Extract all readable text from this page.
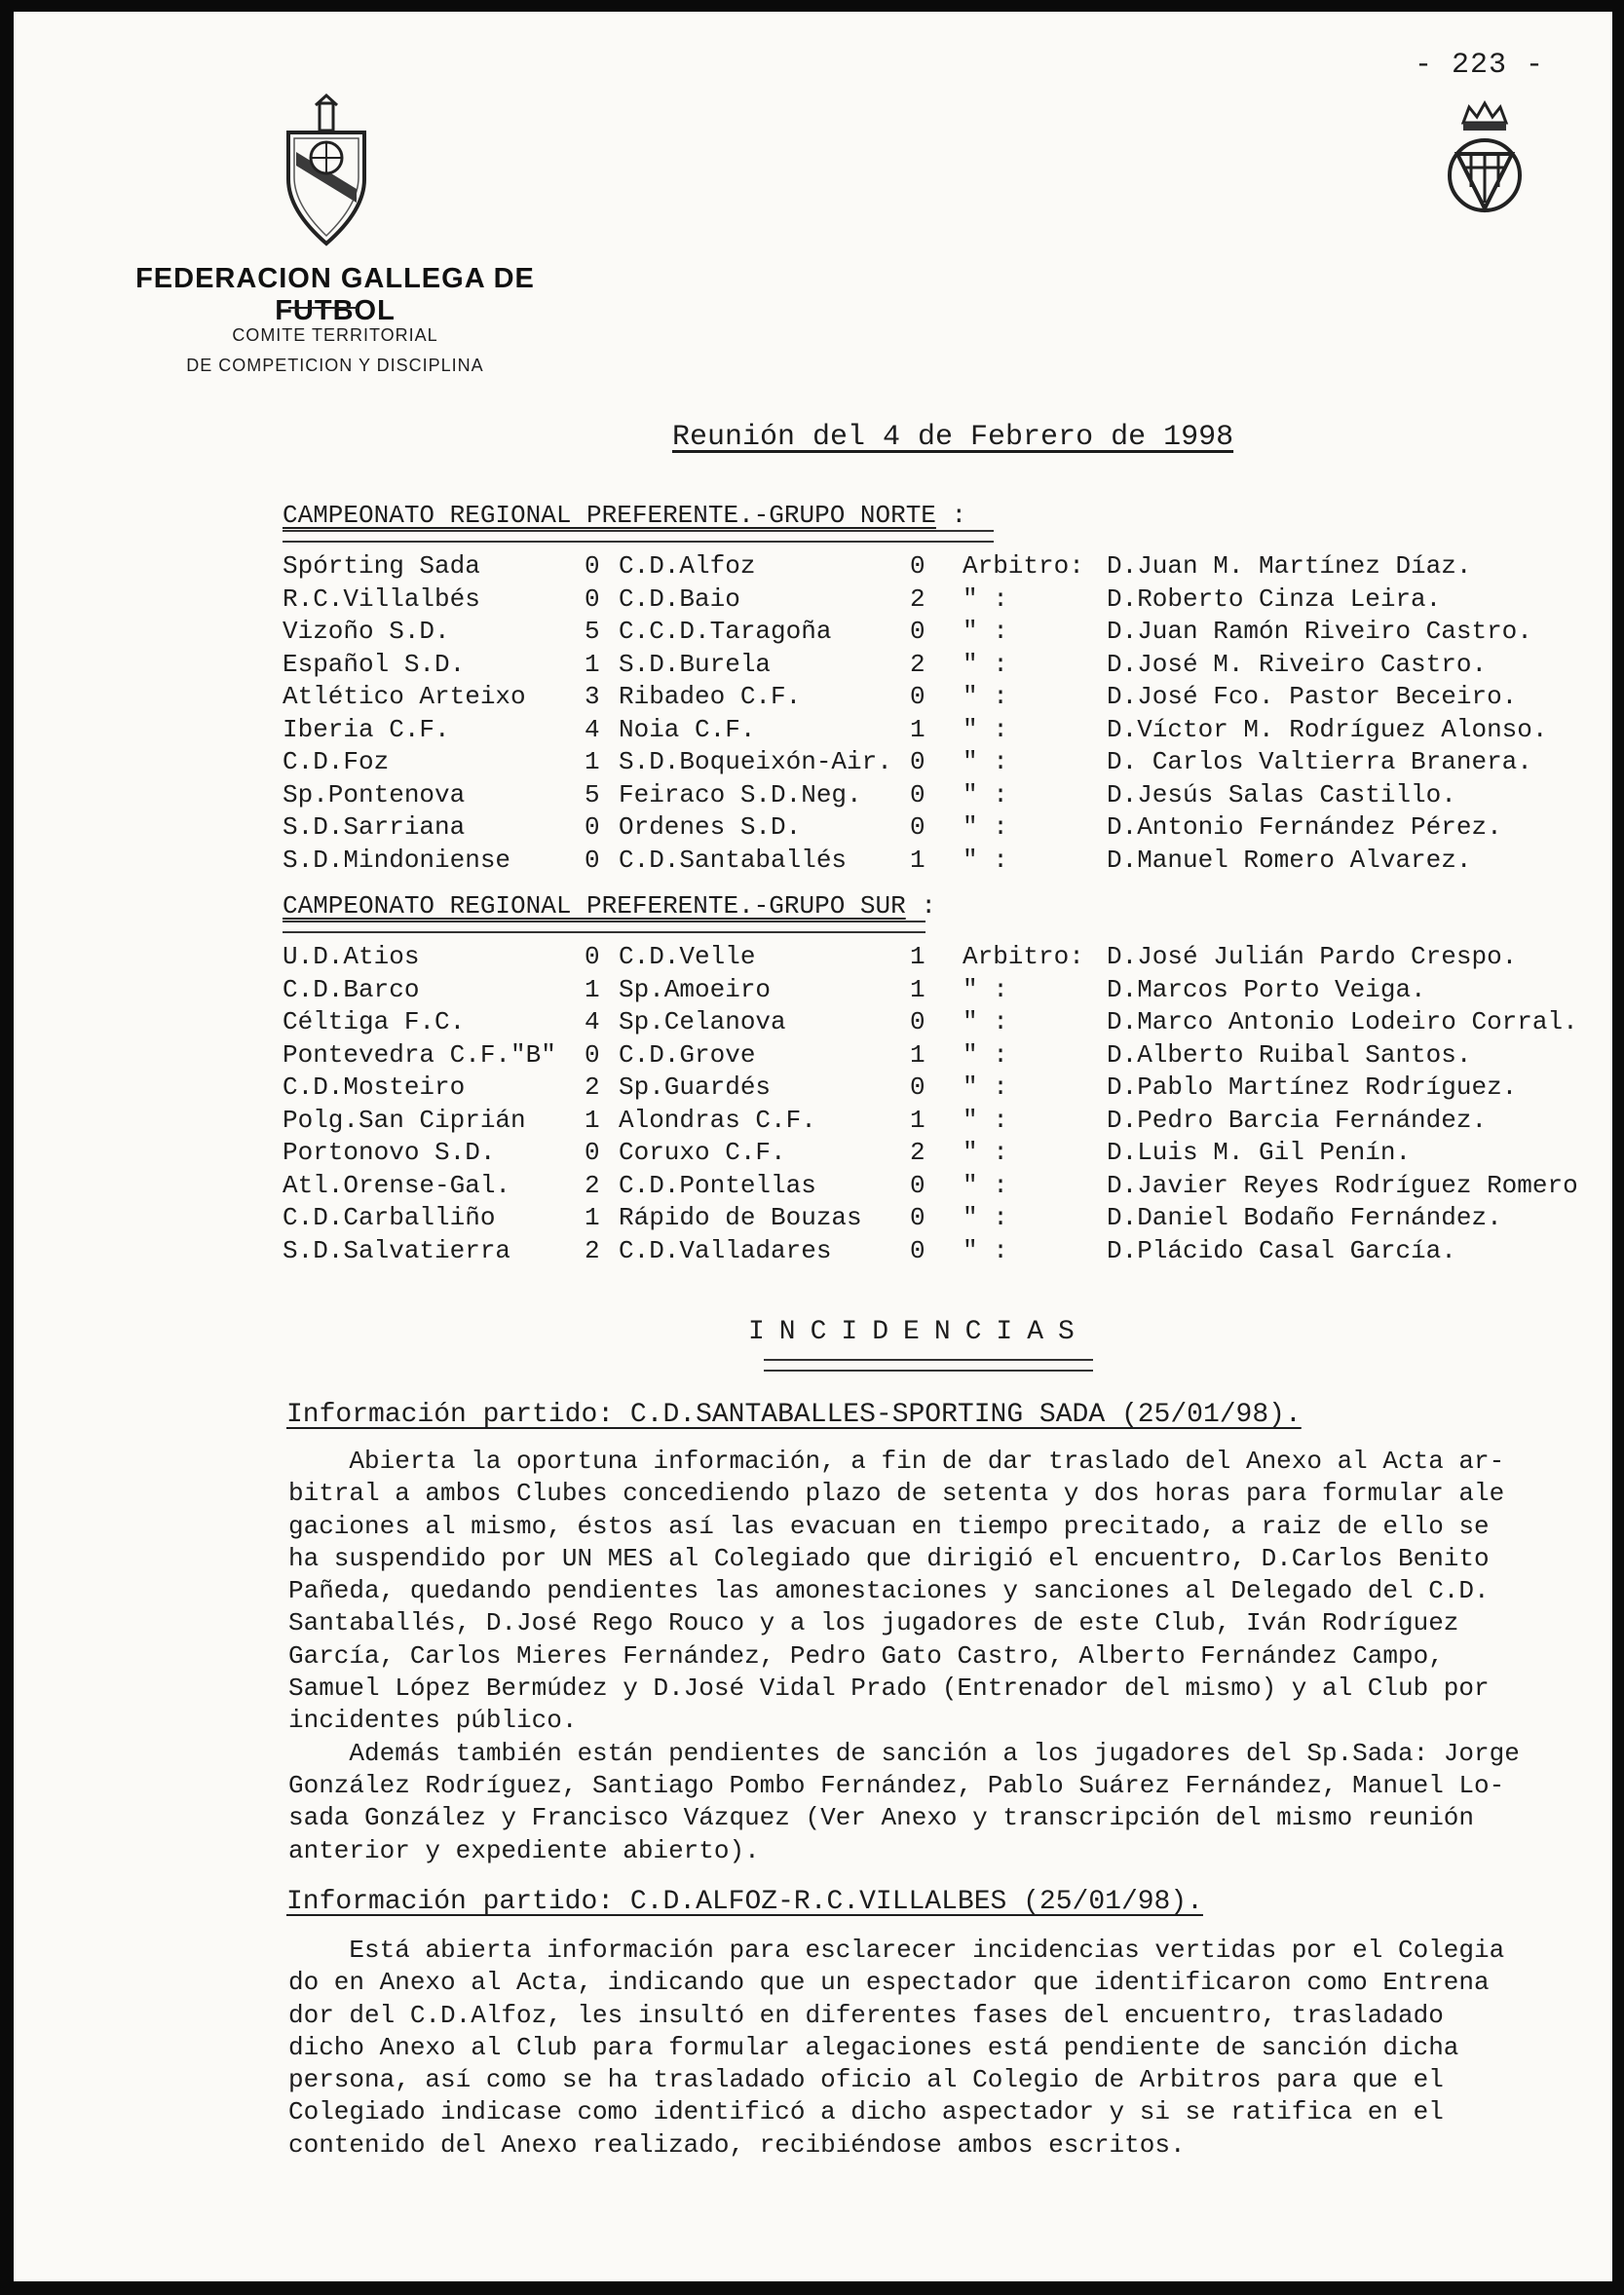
- 223 -
FEDERACION GALLEGA DE FUTBOL
COMITE TERRITORIAL
DE COMPETICION Y DISCIPLINA
Reunión del 4 de Febrero de 1998
CAMPEONATO REGIONAL PREFERENTE.-GRUPO NORTE :
Spórting Sada	0 C.D.Alfoz	0 Arbitro: D.Juan M. Martínez Díaz.
R.C.Villalbés	0 C.D.Baio	2 " :	D.Roberto Cinza Leira.
Vizoño S.D.	5 C.C.D.Taragoña	0 " :	D.Juan Ramón Riveiro Castro.
Español S.D.	1 S.D.Burela	2 " :	D.José M. Riveiro Castro.
Atlético Arteixo 3 Ribadeo C.F.	0 " :	D.José Fco. Pastor Beceiro.
Iberia C.F.	4 Noia C.F.	1 " :	D.Víctor M. Rodríguez Alonso.
C.D.Foz	1 S.D.Boqueixón-Air. 0 " :	D. Carlos Valtierra Branera.
Sp.Pontenova	5 Feiraco S.D.Neg. 0 " :	D.Jesús Salas Castillo.
S.D.Sarriana	0 Ordenes S.D.	0 " :	D.Antonio Fernández Pérez.
S.D.Mindoniense	0 C.D.Santaballés 1 " :	D.Manuel Romero Alvarez.
CAMPEONATO REGIONAL PREFERENTE.-GRUPO SUR :
U.D.Atios	0 C.D.Velle	1 Arbitro: D.José Julián Pardo Crespo.
C.D.Barco	1 Sp.Amoeiro	1 " :	D.Marcos Porto Veiga.
Céltiga F.C.	4 Sp.Celanova	0 " :	D.Marco Antonio Lodeiro Corral.
Pontevedra C.F."B" 0 C.D.Grove	1 " :	D.Alberto Ruibal Santos.
C.D.Mosteiro	2 Sp.Guardés	0 " :	D.Pablo Martínez Rodríguez.
Polg.San Ciprián 1 Alondras C.F.	1 " :	D.Pedro Barcia Fernández.
Portonovo S.D.	0 Coruxo C.F.	2 " :	D.Luis M. Gil Penín.
Atl.Orense-Gal.	2 C.D.Pontellas	0 " :	D.Javier Reyes Rodríguez Romero
C.D.Carballiño	1 Rápido de Bouzas 0 " :	D.Daniel Bodaño Fernández.
S.D.Salvatierra	2 C.D.Valladares	0 " :	D.Plácido Casal García.
INCIDENCIAS
Información partido: C.D.SANTABALLES-SPORTING SADA (25/01/98).
Abierta la oportuna información, a fin de dar traslado del Anexo al Acta ar-
bitral a ambos Clubes concediendo plazo de setenta y dos horas para formular ale
gaciones al mismo, éstos así las evacuan en tiempo precitado, a raiz de ello se
ha suspendido por UN MES al Colegiado que dirigió el encuentro, D.Carlos Benito
Pañeda, quedando pendientes las amonestaciones y sanciones al Delegado del C.D.
Santaballés, D.José Rego Rouco y a los jugadores de este Club, Iván Rodríguez
García, Carlos Mieres Fernández, Pedro Gato Castro, Alberto Fernández Campo,
Samuel López Bermúdez y D.José Vidal Prado (Entrenador del mismo) y al Club por
incidentes público.
Además también están pendientes de sanción a los jugadores del Sp.Sada: Jorge
González Rodríguez, Santiago Pombo Fernández, Pablo Suárez Fernández, Manuel Lo-
sada González y Francisco Vázquez (Ver Anexo y transcripción del mismo reunión
anterior y expediente abierto).
Información partido: C.D.ALFOZ-R.C.VILLALBES (25/01/98).
Está abierta información para esclarecer incidencias vertidas por el Colegia
do en Anexo al Acta, indicando que un espectador que identificaron como Entrena
dor del C.D.Alfoz, les insultó en diferentes fases del encuentro, trasladado
dicho Anexo al Club para formular alegaciones está pendiente de sanción dicha
persona, así como se ha trasladado oficio al Colegio de Arbitros para que el
Colegiado indicase como identificó a dicho aspectador y si se ratifica en el
contenido del Anexo realizado, recibiéndose ambos escritos.
